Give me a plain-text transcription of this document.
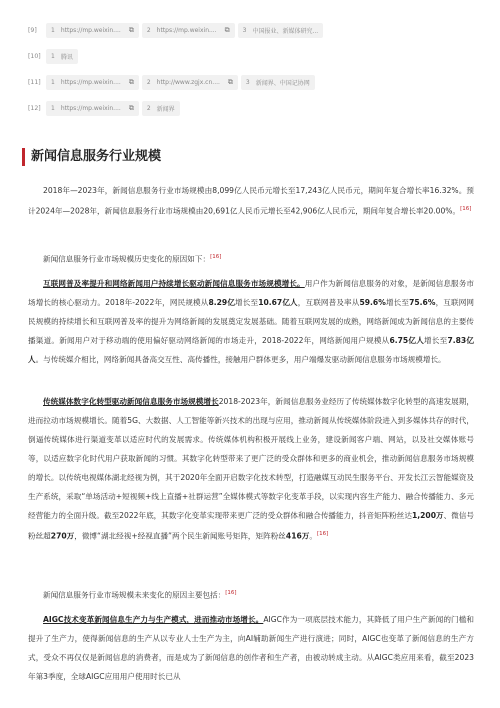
[9]	1 https://mp.weixin.... ⧉ 2 https://mp.weixin.... ⧉ 3 中国报业、新媒体研究...
[10]	1 腾讯
[11]	1 https://mp.weixin.... ⧉ 2 http://www.zgjx.cn.... ⧉ 3 新闻界、中国记协网
[12]	1 https://mp.weixin.... ⧉ 2 新闻界
新闻信息服务行业规模
2018年—2023年，新闻信息服务行业市场规模由8,099亿人民币元增长至17,243亿人民币元，期间年复合增长率16.32%。预计2024年—2028年，新闻信息服务行业市场规模由20,691亿人民币元增长至42,906亿人民币元，期间年复合增长率20.00%。[16]
新闻信息服务行业市场规模历史变化的原因如下：[16]
互联网普及率提升和网络新闻用户持续增长驱动新闻信息服务市场规模增长。用户作为新闻信息服务的对象，是新闻信息服务市场增长的核心驱动力。2018年-2022年，网民规模从8.29亿增长至10.67亿人，互联网普及率从59.6%增长至75.6%，互联网网民规模的持续增长和互联网普及率的提升为网络新闻的发展奠定发展基础。随着互联网发展的成熟，网络新闻成为新闻信息的主要传播渠道。新闻用户对于移动端的使用偏好驱动网络新闻的市场走升，2018-2022年，网络新闻用户规模从6.75亿人增长至7.83亿人。与传统媒介相比，网络新闻具备高交互性、高传播性，接触用户群体更多，用户端爆发驱动新闻信息服务市场规模增长。
传统媒体数字化转型驱动新闻信息服务市场规模增长2018-2023年，新闻信息服务业经历了传统媒体数字化转型的高速发展期，进而拉动市场规模增长。随着5G、大数据、人工智能等新兴技术的出现与应用，推动新闻从传统媒体阶段进入到多媒体共存的时代，倒逼传统媒体进行渠道变革以适应时代的发展需求。传统媒体机构积极开展线上业务，建设新闻客户端、网站，以及社交媒体账号等，以适应数字化时代用户获取新闻的习惯。其数字化转型带来了更广泛的受众群体和更多的商业机会，推动新闻信息服务市场规模的增长。以传统电视媒体湖北经视为例，其于2020年全面开启数字化技术转型，打造融媒互动民生服务平台、开发长江云智能媒资及生产系统，采取“单场活动+短视频+线上直播+社群运营”全媒体模式等数字化变革手段，以实现内容生产能力、融合传播能力、多元经营能力的全面升级。截至2022年底，其数字化变革实现带来更广泛的受众群体和融合传播能力，抖音矩阵粉丝达1,200万、微信号粉丝超270万，微博“湖北经视+经视直播”两个民生新闻账号矩阵，矩阵粉丝416万。[16]
新闻信息服务行业市场规模未来变化的原因主要包括：[16]
AIGC技术变革新闻信息生产力与生产模式，进而推动市场增长。AIGC作为一项底层技术能力，其降低了用户生产新闻的门槛和提升了生产力，使得新闻信息的生产从以专业人士生产为主，向AI辅助新闻生产进行演进；同时，AIGC也变革了新闻信息的生产方式，受众不再仅仅是新闻信息的消费者，而是成为了新闻信息的创作者和生产者，由被动转成主动。从AIGC类应用来看，截至2023 年第3季度，全球AIGC应用用户使用时长已从
